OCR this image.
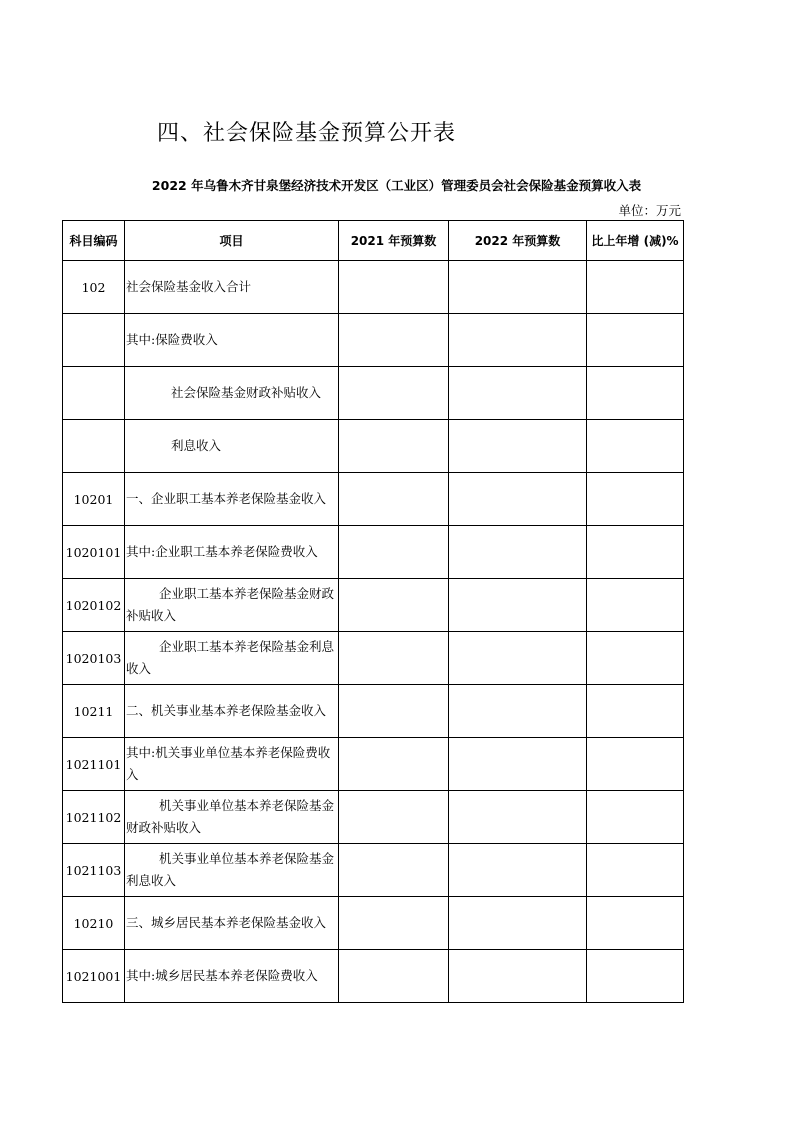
四、社会保险基金预算公开表
2022 年乌鲁木齐甘泉堡经济技术开发区（工业区）管理委员会社会保险基金预算收入表
单位：万元
科目编码	项目	2021 年预算数	2022 年预算数	比上年增 (减)%
102	社会保险基金收入合计			
	其中:保险费收入			
	社会保险基金财政补贴收入			
	利息收入			
10201	一、企业职工基本养老保险基金收入			
1020101	其中:企业职工基本养老保险费收入			
1020102	企业职工基本养老保险基金财政补贴收入			
1020103	企业职工基本养老保险基金利息收入			
10211	二、机关事业基本养老保险基金收入			
1021101	其中:机关事业单位基本养老保险费收入			
1021102	机关事业单位基本养老保险基金财政补贴收入			
1021103	机关事业单位基本养老保险基金利息收入			
10210	三、城乡居民基本养老保险基金收入			
1021001	其中:城乡居民基本养老保险费收入			
